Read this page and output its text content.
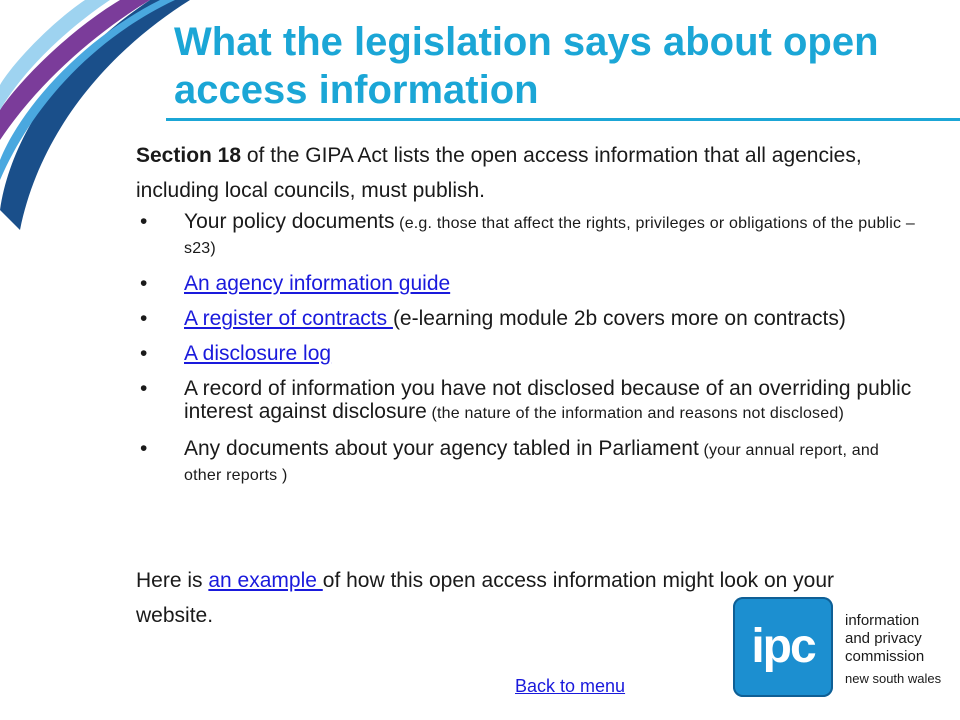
What the legislation says about open access information
Section 18 of the GIPA Act lists the open access information that all agencies, including local councils, must publish.
• Your policy documents (e.g. those that affect the rights, privileges or obligations of the public – s23)
• An agency information guide
• A register of contracts (e-learning module 2b covers more on contracts)
• A disclosure log
• A record of information you have not disclosed because of an overriding public interest against disclosure (the nature of the information and reasons not disclosed)
• Any documents about your agency tabled in Parliament (your annual report, and other reports )
Here is an example of how this open access information might look on your website.
ipc information
and privacy
commission
new south wales
Back to menu
